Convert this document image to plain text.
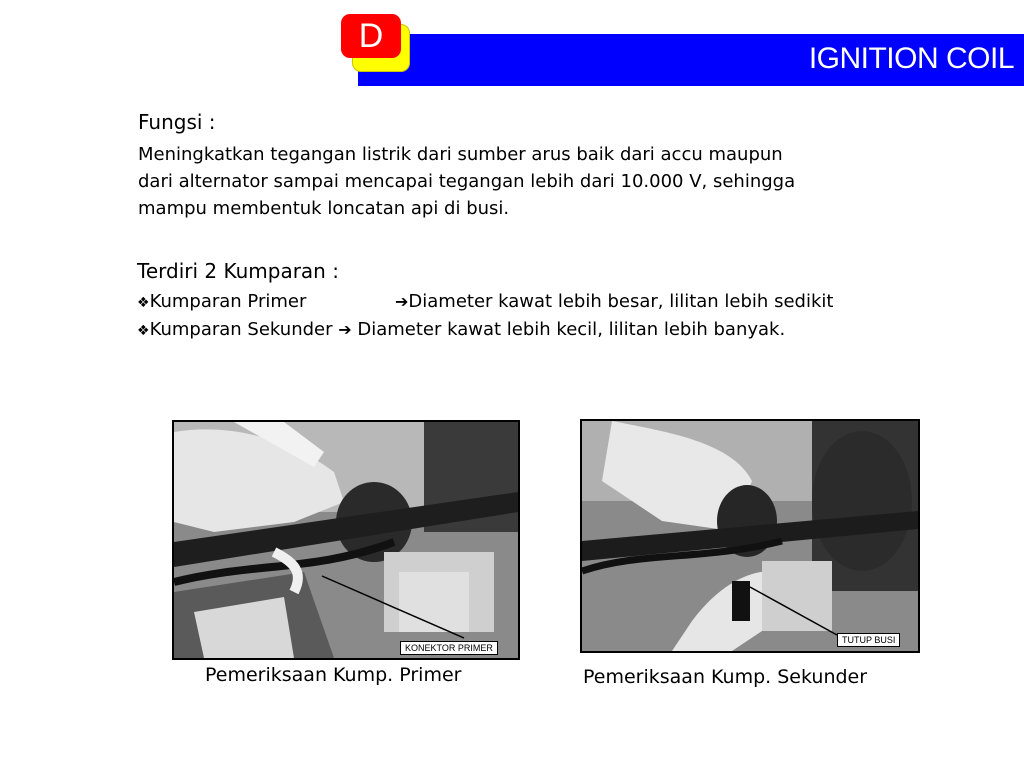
IGNITION COIL
D
Fungsi :
Meningkatkan tegangan listrik dari sumber arus baik dari accu maupun
dari alternator sampai mencapai tegangan lebih dari 10.000 V, sehingga
mampu membentuk loncatan api di busi.
Terdiri 2 Kumparan :
❖Kumparan Primer	➔Diameter kawat lebih besar, lilitan lebih sedikit
❖Kumparan Sekunder ➔ Diameter kawat lebih kecil, lilitan lebih banyak.
KONEKTOR PRIMER
Pemeriksaan Kump. Primer
TUTUP BUSI
Pemeriksaan Kump. Sekunder
